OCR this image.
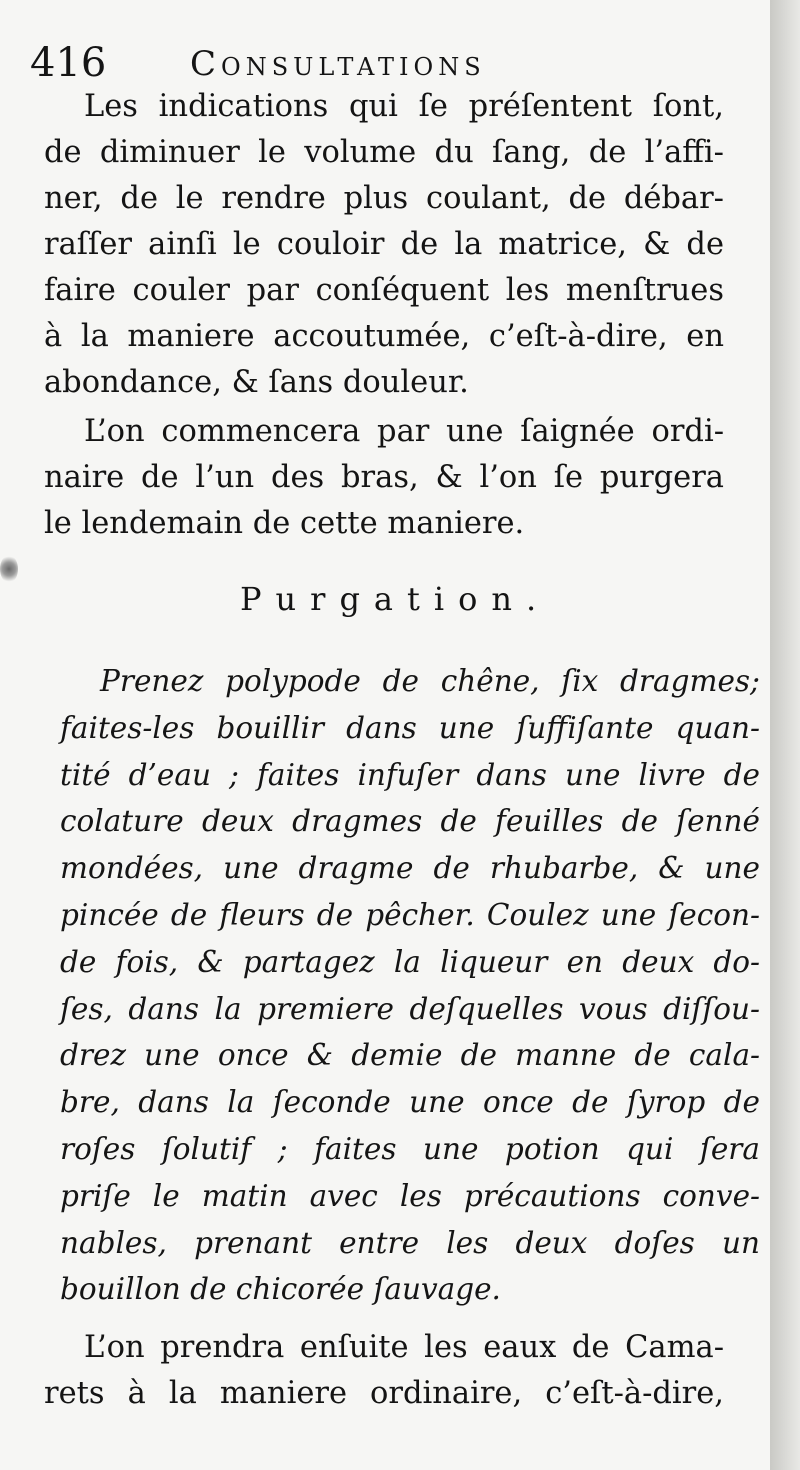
416 Consultations
Les indications qui ſe préſentent ſont,
de diminuer le volume du ſang, de l’affi-
ner, de le rendre plus coulant, de débar-
raſſer ainſi le couloir de la matrice, & de
faire couler par conſéquent les menſtrues
à la maniere accoutumée, c’eſt-à-dire, en
abondance, & ſans douleur.
L’on commencera par une ſaignée ordi-
naire de l’un des bras, & l’on ſe purgera
le lendemain de cette maniere.
Purgation.
Prenez polypode de chêne, ſix dragmes;
faites-les bouillir dans une ſuffiſante quan-
tité d’eau ; faites infuſer dans une livre de
colature deux dragmes de feuilles de ſenné
mondées, une dragme de rhubarbe, & une
pincée de fleurs de pêcher. Coulez une ſecon-
de fois, & partagez la liqueur en deux do-
ſes, dans la premiere deſquelles vous diſſou-
drez une once & demie de manne de cala-
bre, dans la ſeconde une once de ſyrop de
roſes ſolutif ; faites une potion qui ſera
priſe le matin avec les précautions conve-
nables, prenant entre les deux doſes un
bouillon de chicorée ſauvage.
L’on prendra enſuite les eaux de Cama-
rets à la maniere ordinaire, c’eſt-à-dire,
